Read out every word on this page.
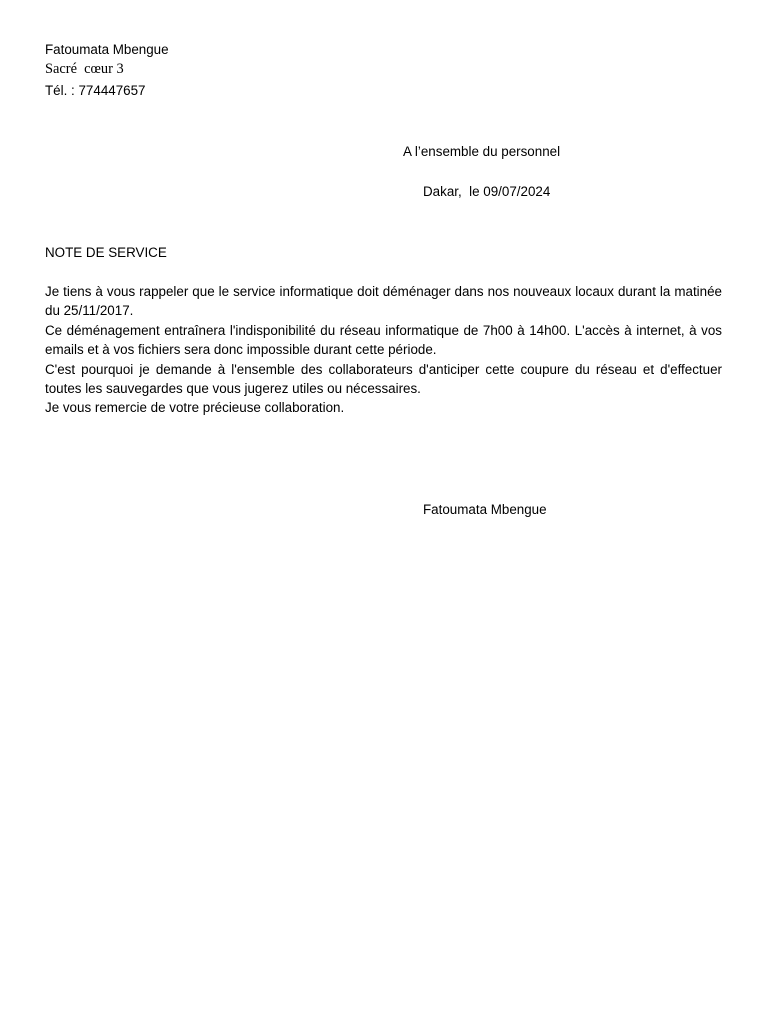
Fatoumata Mbengue
Sacré  cœur 3
Tél. : 774447657
A l’ensemble du personnel
Dakar,  le 09/07/2024
NOTE DE SERVICE

Je tiens à vous rappeler que le service informatique doit déménager dans nos nouveaux locaux durant la matinée du 25/11/2017.

Ce déménagement entraînera l'indisponibilité du réseau informatique de 7h00 à 14h00. L'accès à internet, à vos emails et à vos fichiers sera donc impossible durant cette période.

C'est pourquoi je demande à l'ensemble des collaborateurs d'anticiper cette coupure du réseau et d'effectuer toutes les sauvegardes que vous jugerez utiles ou nécessaires.

Je vous remercie de votre précieuse collaboration.

Fatoumata Mbengue
